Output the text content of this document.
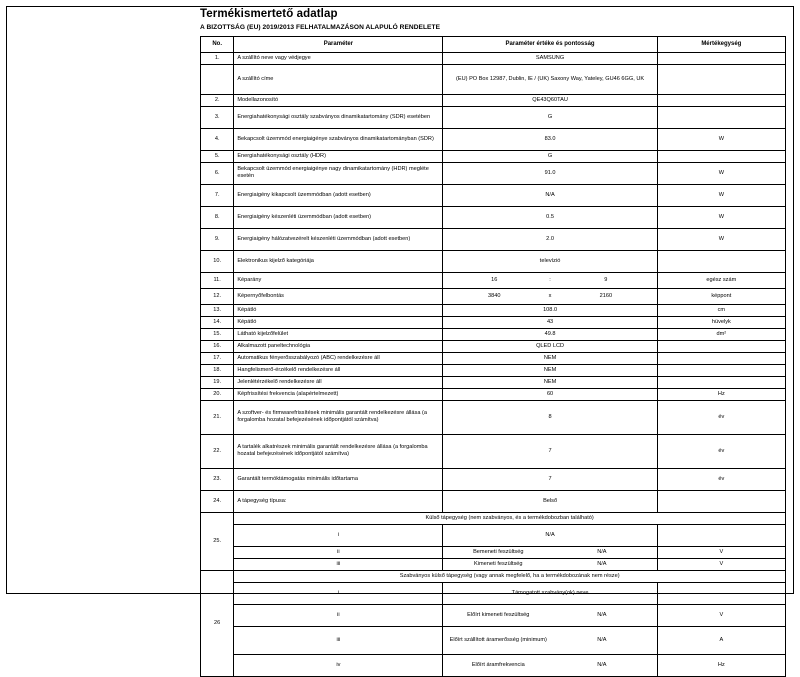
Termékismertető adatlap
A BIZOTTSÁG (EU) 2019/2013 FELHATALMAZÁSON ALAPULÓ RENDELETE
No.	Paraméter	Paraméter értéke és pontosság	Mértékegység
1.	A szállító neve vagy védjegye	SAMSUNG	
	A szállító címe	(EU) PO Box 12987, Dublin, IE / (UK) Saxony Way, Yateley, GU46 6GG, UK	
2.	Modellazonosító	QE43Q60TAU	
3.	Energiahatékonysági osztály szabványos dinamikatartomány (SDR) esetében	G	
4.	Bekapcsolt üzemmód energiaigénye szabványos dinamikatartományban (SDR)	83.0	W
5.	Energiahatékonysági osztály (HDR)	G	
6.	Bekapcsolt üzemmód energiaigénye nagy dinamikatartomány (HDR) megléte esetén	91.0	W
7.	Energiaigény kikapcsolt üzemmódban (adott esetben)	N/A	W
8.	Energiaigény készenléti üzemmódban (adott esetben)	0.5	W
9.	Energiaigény hálózatvezérelt készenléti üzemmódban (adott esetben)	2.0	W
10.	Elektronikus kijelző kategóriája	televízió	
11.	Képarány	16 : 9	egész szám
12.	Képernyőfelbontás	3840 x 2160	képpont
13.	Képátló	108.0	cm
14.	Képátló	43	hüvelyk
15.	Látható kijelzőfelület	49.8	dm²
16.	Alkalmazott paneltechnológia	QLED LCD	
17.	Automatikus fényerősszabályozó (ABC) rendelkezésre áll	NEM	
18.	Hangfelismerő-érzékelő rendelkezésre áll	NEM	
19.	Jelenlétérzékelő rendelkezésre áll	NEM	
20.	Képfrissítési frekvencia (alapértelmezett)	60	Hz
21.	A szoftver- és firmwarefrissítések minimális garantált rendelkezésre állása (a forgalomba hozatal befejezésének időpontjától számítva)	8	év
22.	A tartalék alkatrészek minimális garantált rendelkezésre állása (a forgalomba hozatal befejezésének időpontjától számítva)	7	év
23.	Garantált termóktámogatás minimális időtartama	7	év
24.	A tápegység típusa:	Belső	
25.	Külső tápegység (nem szabványos, és a termékdobozban található)		
	i	N/A	
	ii	Bemeneti feszültség N/A	V
	iii	Kimeneti feszültség N/A	V
26	Szabványos külső tápegység (vagy annak megfelelő, ha a termékdobozának nem része)		
	i	Támogatott szabvány(ok) neve	
	ii	Előírt kimeneti feszültség N/A	V
	iii	Előírt szállított áramerősség (minimum) N/A	A
	iv	Előírt áramfrekvencia N/A	Hz
